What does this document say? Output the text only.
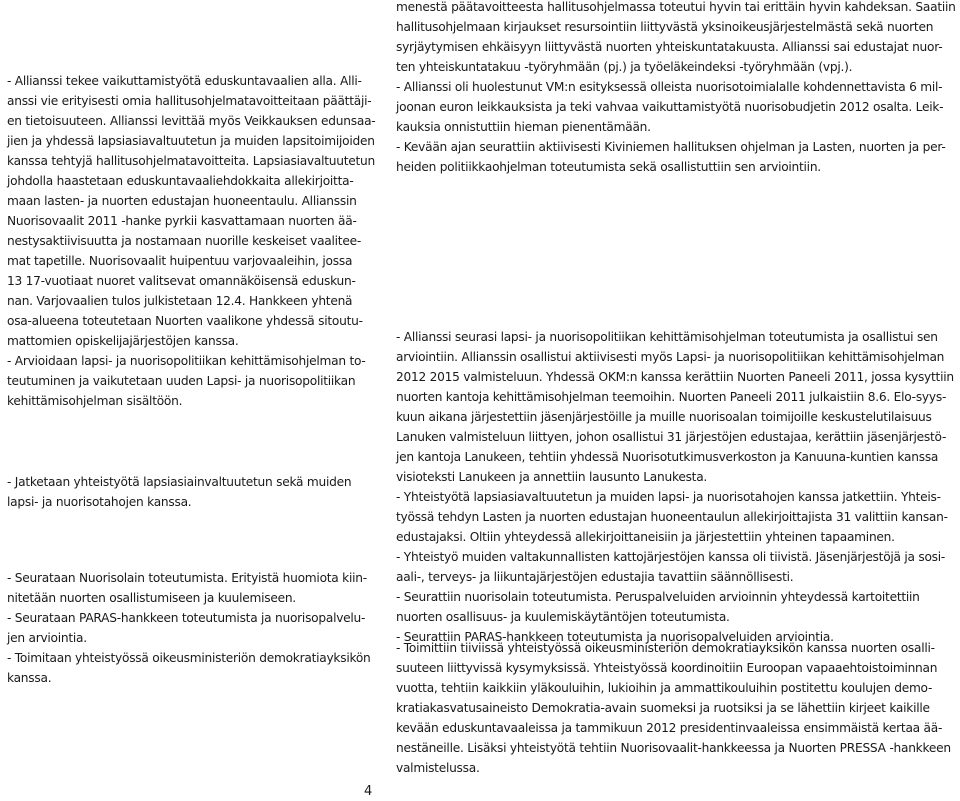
- Allianssi tekee vaikuttamistyötä eduskuntavaalien alla. Alli-

anssi vie erityisesti omia hallitusohjelmatavoitteitaan päättäji-

en tietoisuuteen. Allianssi levittää myös Veikkauksen edunsaa-

jien ja yhdessä lapsiasiavaltuutetun ja muiden lapsitoimijoiden

kanssa tehtyjä hallitusohjelmatavoitteita. Lapsiasiavaltuutetun

johdolla haastetaan eduskuntavaaliehdokkaita allekirjoitta-

maan lasten- ja nuorten edustajan huoneentaulu. Allianssin

Nuorisovaalit 2011 -hanke pyrkii kasvattamaan nuorten ää-

nestysaktiivisuutta ja nostamaan nuorille keskeiset vaalitee-

mat tapetille. Nuorisovaalit huipentuu varjovaaleihin, jossa

13 17-vuotiaat nuoret valitsevat omannäköisensä eduskun-

nan. Varjovaalien tulos julkistetaan 12.4. Hankkeen yhtenä

osa-alueena toteutetaan Nuorten vaalikone yhdessä sitoutu-

mattomien opiskelijajärjestöjen kanssa.

- Arvioidaan lapsi- ja nuorisopolitiikan kehittämisohjelman to-

teutuminen ja vaikutetaan uuden Lapsi- ja nuorisopolitiikan

kehittämisohjelman sisältöön.

- Jatketaan yhteistyötä lapsiasiainvaltuutetun sekä muiden

lapsi- ja nuorisotahojen kanssa.

- Seurataan Nuorisolain toteutumista. Erityistä huomiota kiin-

nitetään nuorten osallistumiseen ja kuulemiseen.

- Seurataan PARAS-hankkeen toteutumista ja nuorisopalvelu-

jen arviointia.

- Toimitaan yhteistyössä oikeusministeriön demokratiayksikön

kanssa.

menestä päätavoitteesta hallitusohjelmassa toteutui hyvin tai erittäin hyvin kahdeksan. Saatiin

hallitusohjelmaan kirjaukset resursointiin liittyvästä yksinoikeusjärjestelmästä sekä nuorten

syrjäytymisen ehkäisyyn liittyvästä nuorten yhteiskuntatakuusta. Allianssi sai edustajat nuor-

ten yhteiskuntatakuu -työryhmään (pj.) ja työeläkeindeksi -työryhmään (vpj.).

- Allianssi oli huolestunut VM:n esityksessä olleista nuorisotoimialalle kohdennettavista 6 mil-

joonan euron leikkauksista ja teki vahvaa vaikuttamistyötä nuorisobudjetin 2012 osalta. Leik-

kauksia onnistuttiin hieman pienentämään.

- Kevään ajan seurattiin aktiivisesti Kiviniemen hallituksen ohjelman ja Lasten, nuorten ja per-

heiden politiikkaohjelman toteutumista sekä osallistuttiin sen arviointiin.

- Allianssi seurasi lapsi- ja nuorisopolitiikan kehittämisohjelman toteutumista ja osallistui sen

arviointiin. Allianssin osallistui aktiivisesti myös Lapsi- ja nuorisopolitiikan kehittämisohjelman

2012 2015 valmisteluun. Yhdessä OKM:n kanssa kerättiin Nuorten Paneeli 2011, jossa kysyttiin

nuorten kantoja kehittämisohjelman teemoihin. Nuorten Paneeli 2011 julkaistiin 8.6. Elo-syys-

kuun aikana järjestettiin jäsenjärjestöille ja muille nuorisoalan toimijoille keskustelutilaisuus

Lanuken valmisteluun liittyen, johon osallistui 31 järjestöjen edustajaa, kerättiin jäsenjärjestö-

jen kantoja Lanukeen, tehtiin yhdessä Nuorisotutkimusverkoston ja Kanuuna-kuntien kanssa

visioteksti Lanukeen ja annettiin lausunto Lanukesta.

- Yhteistyötä lapsiasiavaltuutetun ja muiden lapsi- ja nuorisotahojen kanssa jatkettiin. Yhteis-

työssä tehdyn Lasten ja nuorten edustajan huoneentaulun allekirjoittajista 31 valittiin kansan-

edustajaksi. Oltiin yhteydessä allekirjoittaneisiin ja järjestettiin yhteinen tapaaminen.

- Yhteistyö muiden valtakunnallisten kattojärjestöjen kanssa oli tiivistä. Jäsenjärjestöjä ja sosi-

aali-, terveys- ja liikuntajärjestöjen edustajia tavattiin säännöllisesti.

- Seurattiin nuorisolain toteutumista. Peruspalveluiden arvioinnin yhteydessä kartoitettiin

nuorten osallisuus- ja kuulemiskäytäntöjen toteutumista.

- Seurattiin PARAS-hankkeen toteutumista ja nuorisopalveluiden arviointia.

- Toimittiin tiiviissä yhteistyössä oikeusministeriön demokratiayksikön kanssa nuorten osalli-

suuteen liittyvissä kysymyksissä. Yhteistyössä koordinoitiin Euroopan vapaaehtoistoiminnan

vuotta, tehtiin kaikkiin yläkouluihin, lukioihin ja ammattikouluihin postitettu koulujen demo-

kratiakasvatusaineisto Demokratia-avain suomeksi ja ruotsiksi ja se lähettiin kirjeet kaikille

kevään eduskuntavaaleissa ja tammikuun 2012 presidentinvaaleissa ensimmäistä kertaa ää-

nestäneille. Lisäksi yhteistyötä tehtiin Nuorisovaalit-hankkeessa ja Nuorten PRESSA -hankkeen

valmistelussa.

4
